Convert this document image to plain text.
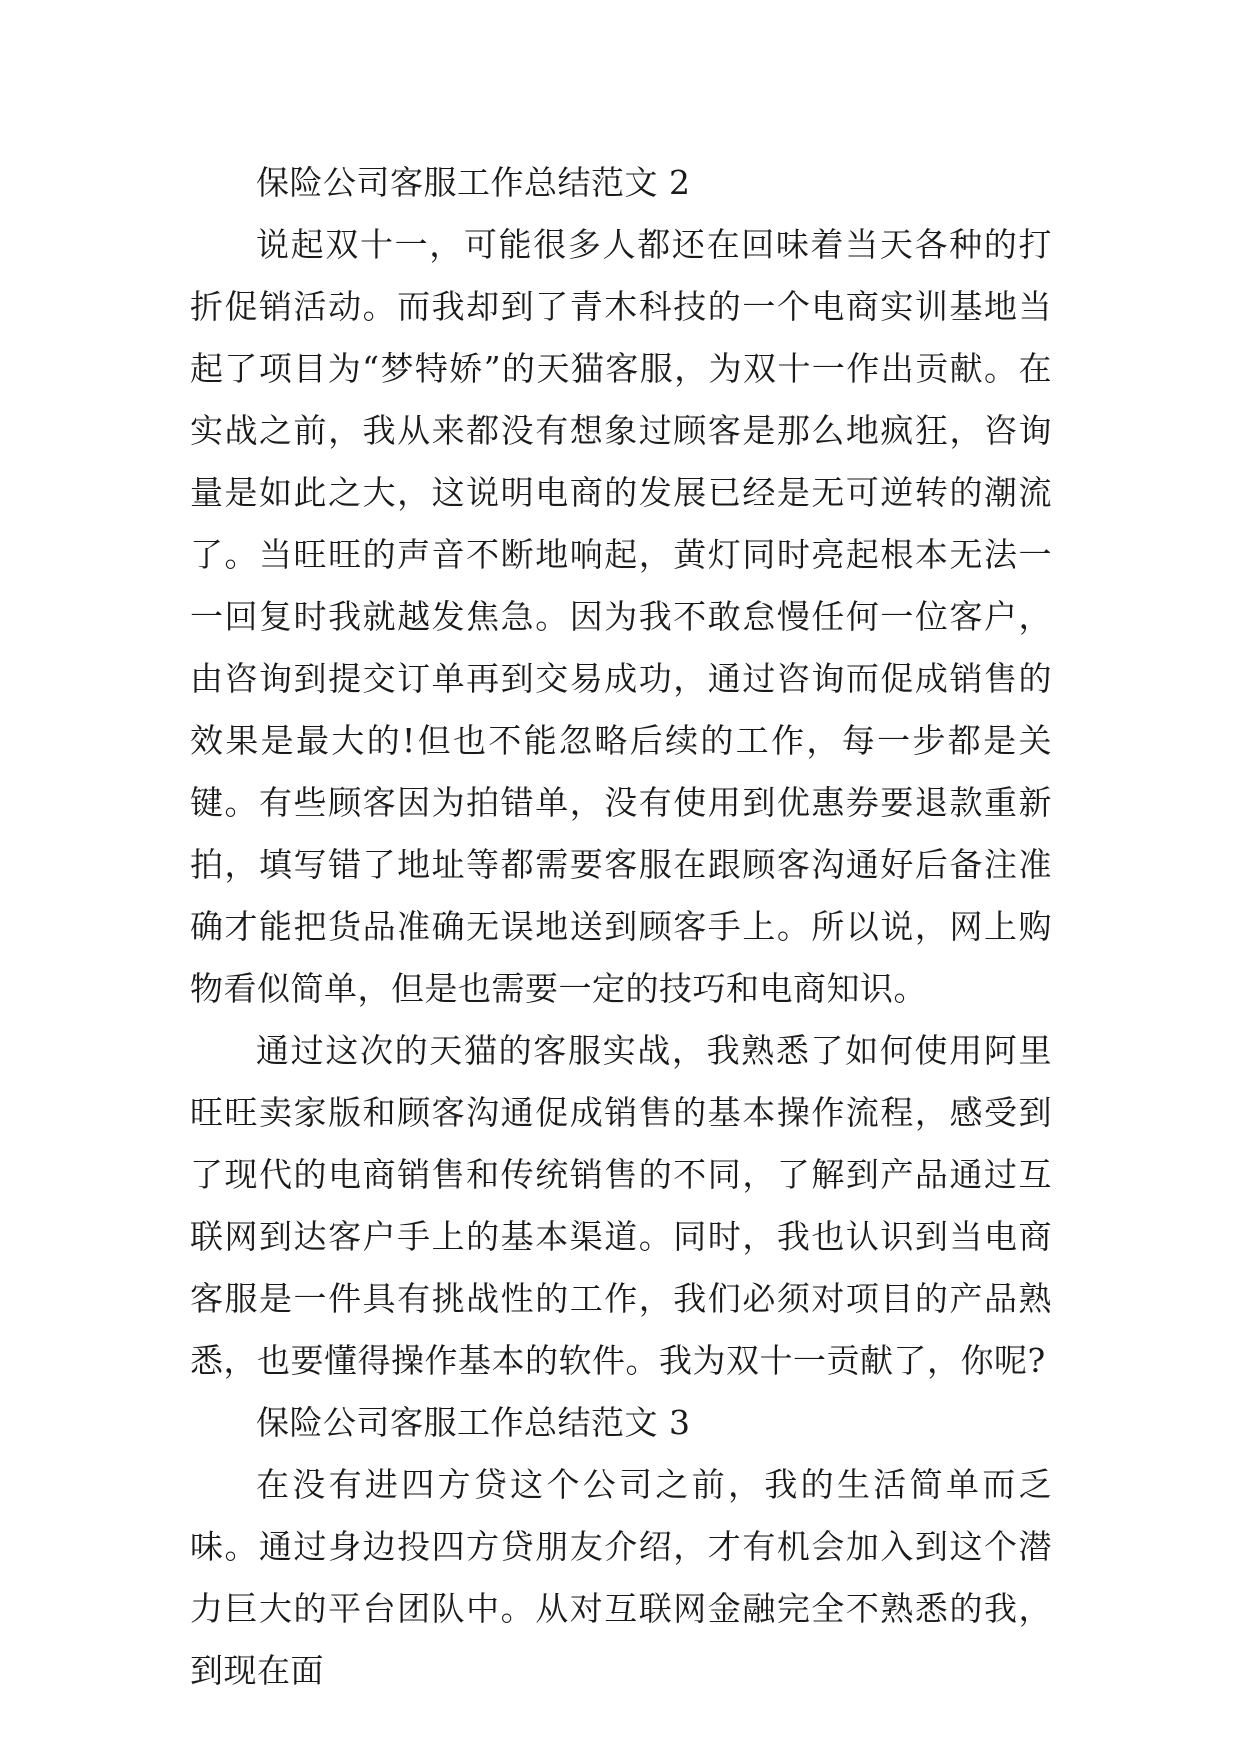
保险公司客服工作总结范文 2

说起双十一，可能很多人都还在回味着当天各种的打折促销活动。而我却到了青木科技的一个电商实训基地当起了项目为“梦特娇”的天猫客服，为双十一作出贡献。在实战之前，我从来都没有想象过顾客是那么地疯狂，咨询量是如此之大，这说明电商的发展已经是无可逆转的潮流了。当旺旺的声音不断地响起，黄灯同时亮起根本无法一一回复时我就越发焦急。因为我不敢怠慢任何一位客户，由咨询到提交订单再到交易成功，通过咨询而促成销售的效果是最大的!但也不能忽略后续的工作，每一步都是关键。有些顾客因为拍错单，没有使用到优惠券要退款重新拍，填写错了地址等都需要客服在跟顾客沟通好后备注准确才能把货品准确无误地送到顾客手上。所以说，网上购物看似简单，但是也需要一定的技巧和电商知识。

通过这次的天猫的客服实战，我熟悉了如何使用阿里旺旺卖家版和顾客沟通促成销售的基本操作流程，感受到了现代的电商销售和传统销售的不同，了解到产品通过互联网到达客户手上的基本渠道。同时，我也认识到当电商客服是一件具有挑战性的工作，我们必须对项目的产品熟悉，也要懂得操作基本的软件。我为双十一贡献了，你呢?

保险公司客服工作总结范文 3

在没有进四方贷这个公司之前，我的生活简单而乏味。通过身边投四方贷朋友介绍，才有机会加入到这个潜力巨大的平台团队中。从对互联网金融完全不熟悉的我，到现在面
